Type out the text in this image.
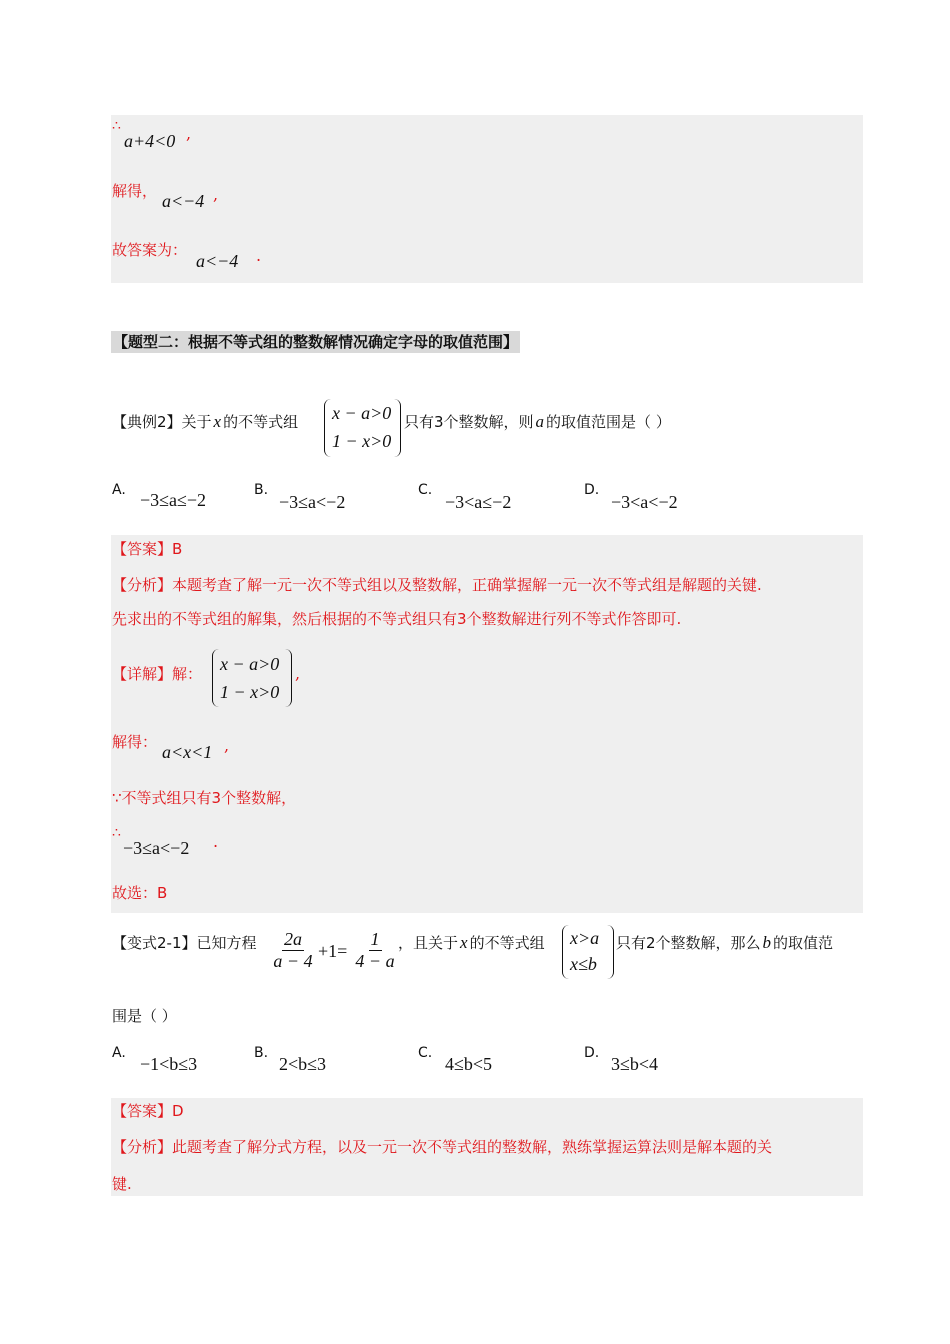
∴
a+4<0 ,
解得， a<−4 ,
故答案为：
a<−4 .
【题型二：根据不等式组的整数解情况确定字母的取值范围】
【典例2】关于 x 的不等式组 x − a>0
1 − x>0
只有3个整数解，则 a 的取值范围是（ ）
A. −3≤a≤−2	B.
−3≤a<−2
C.
−3<a≤−2
D.
−3<a<−2
【答案】B
【分析】本题考查了解一元一次不等式组以及整数解，正确掌握解一元一次不等式组是解题的关键.
先求出的不等式组的解集，然后根据的不等式组只有3个整数解进行列不等式作答即可.
【详解】解： x − a>0
1 − x>0
,
解得： a<x<1 ,
∵不等式组只有3个整数解，
∴
−3≤a<−2 .
故选：B
【变式2-1】已知方程 $\frac{2a}{a - 4} +1= \frac{1}{4 - a}$ ，且关于 x 的不等式组 x>a
x≤b
只有2个整数解，那么 b 的取值范
围是（ ）
A.
−1<b≤3
B.
2<b≤3
C.
4≤b<5
D.
3≤b<4
【答案】D
【分析】此题考查了解分式方程，以及一元一次不等式组的整数解，熟练掌握运算法则是解本题的关
键.
